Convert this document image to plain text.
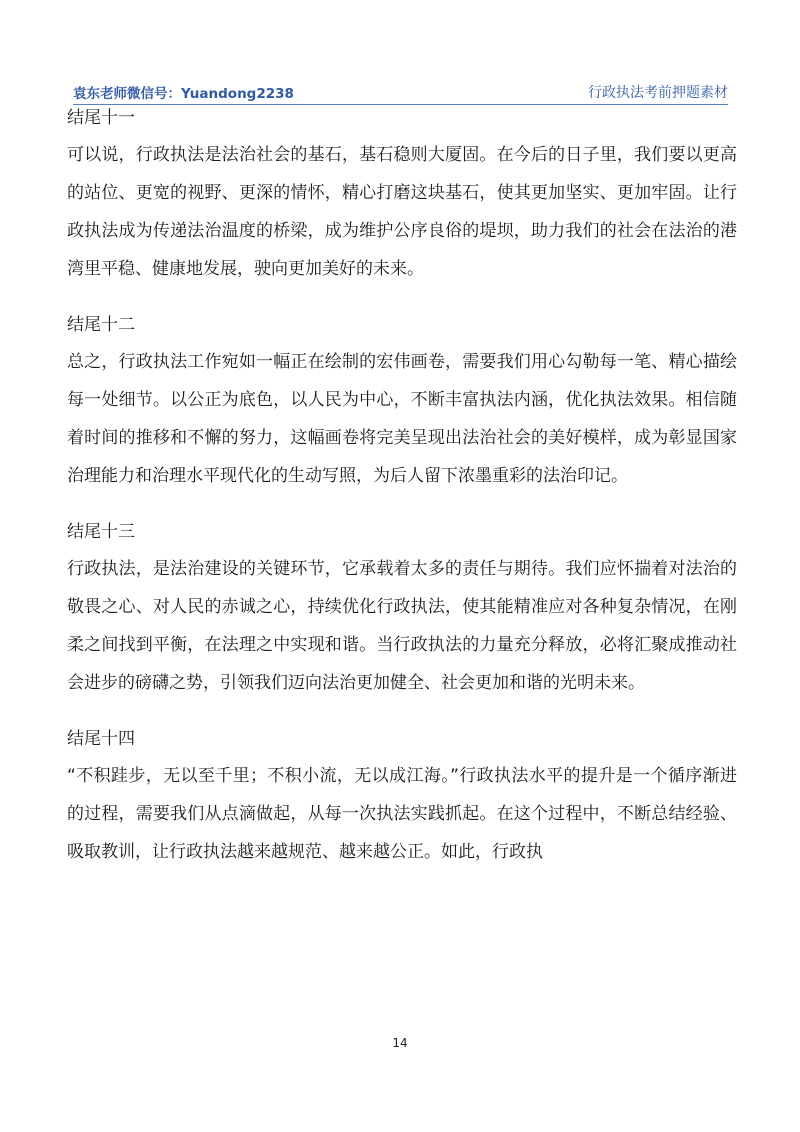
袁东老师微信号：Yuandong2238	行政执法考前押题素材

结尾十一

可以说，行政执法是法治社会的基石，基石稳则大厦固。在今后的日子里，我们要以更高的站位、更宽的视野、更深的情怀，精心打磨这块基石，使其更加坚实、更加牢固。让行政执法成为传递法治温度的桥梁，成为维护公序良俗的堤坝，助力我们的社会在法治的港湾里平稳、健康地发展，驶向更加美好的未来。

结尾十二

总之，行政执法工作宛如一幅正在绘制的宏伟画卷，需要我们用心勾勒每一笔、精心描绘每一处细节。以公正为底色，以人民为中心，不断丰富执法内涵，优化执法效果。相信随着时间的推移和不懈的努力，这幅画卷将完美呈现出法治社会的美好模样，成为彰显国家治理能力和治理水平现代化的生动写照，为后人留下浓墨重彩的法治印记。

结尾十三

行政执法，是法治建设的关键环节，它承载着太多的责任与期待。我们应怀揣着对法治的敬畏之心、对人民的赤诚之心，持续优化行政执法，使其能精准应对各种复杂情况，在刚柔之间找到平衡，在法理之中实现和谐。当行政执法的力量充分释放，必将汇聚成推动社会进步的磅礴之势，引领我们迈向法治更加健全、社会更加和谐的光明未来。

结尾十四

“不积跬步，无以至千里；不积小流，无以成江海。”行政执法水平的提升是一个循序渐进的过程，需要我们从点滴做起，从每一次执法实践抓起。在这个过程中，不断总结经验、吸取教训，让行政执法越来越规范、越来越公正。如此，行政执

14
